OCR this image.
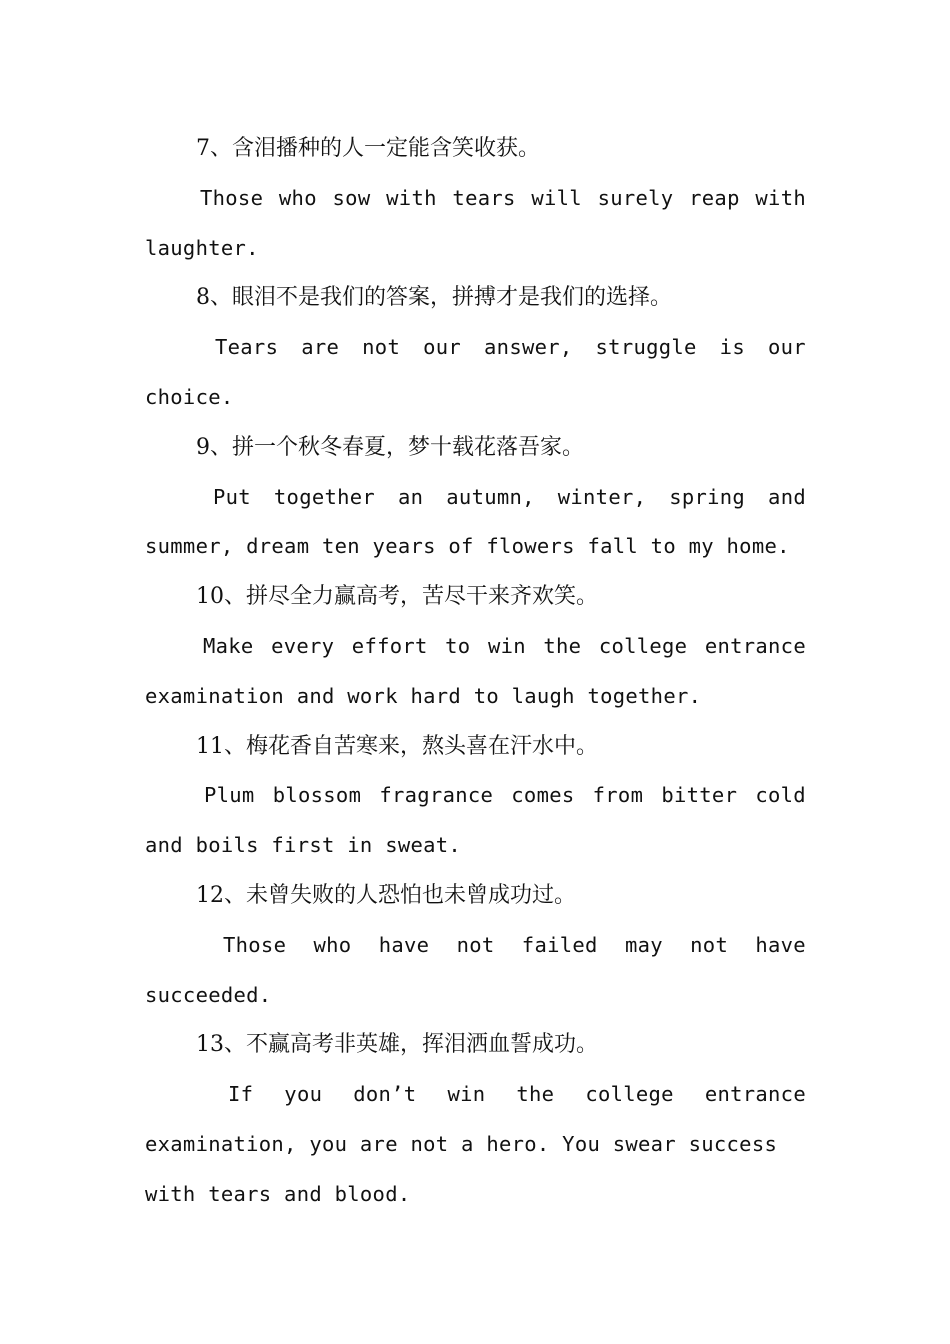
7、含泪播种的人一定能含笑收获。
Those who sow with tears will surely reap with
laughter.
8、眼泪不是我们的答案，拼搏才是我们的选择。
Tears are not our answer, struggle is our
choice.
9、拼一个秋冬春夏，梦十载花落吾家。
Put together an autumn, winter, spring and
summer, dream ten years of flowers fall to my home.
10、拼尽全力赢高考，苦尽干来齐欢笑。
Make every effort to win the college entrance
examination and work hard to laugh together.
11、梅花香自苦寒来，熬头喜在汗水中。
Plum blossom fragrance comes from bitter cold
and boils first in sweat.
12、未曾失败的人恐怕也未曾成功过。
Those who have not failed may not have
succeeded.
13、不赢高考非英雄，挥泪洒血誓成功。
If you don’t win the college entrance
examination, you are not a hero. You swear success
with tears and blood.
